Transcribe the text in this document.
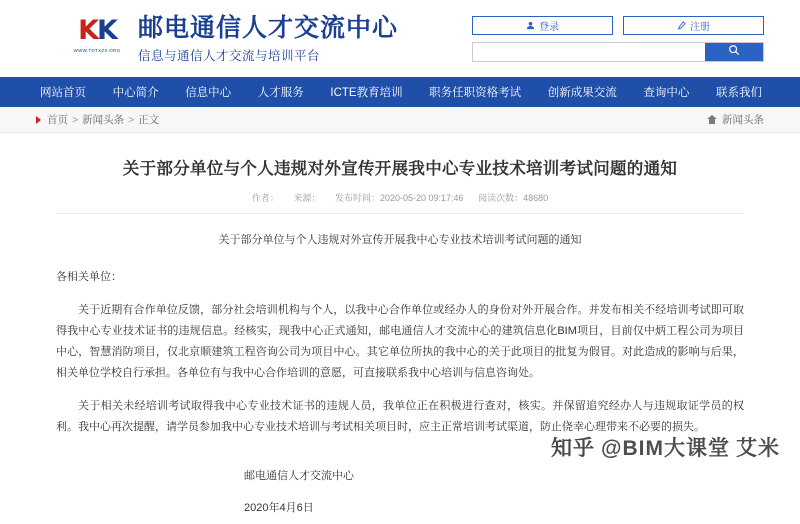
KK
WWW.TDTXZX.ORG
邮电通信人才交流中心
信息与通信人才交流与培训平台
登录	注册
网站首页	中心简介	信息中心	人才服务	ICTE教育培训	职务任职资格考试	创新成果交流	查询中心	联系我们
首页 > 新闻头条 > 正文	新闻头条
关于部分单位与个人违规对外宣传开展我中心专业技术培训考试问题的通知
作者： 来源： 发布时间：2020-05-20 09:17:46 阅读次数：48680
关于部分单位与个人违规对外宣传开展我中心专业技术培训考试问题的通知

各相关单位：

关于近期有合作单位反馈，部分社会培训机构与个人，以我中心合作单位或经办人的身份对外开展合作。并发布相关不经培训考试即可取得我中心专业技术证书的违规信息。经核实，现我中心正式通知，邮电通信人才交流中心的建筑信息化BIM项目，目前仅中炳工程公司为项目中心，智慧消防项目，仅北京顺建筑工程咨询公司为项目中心。其它单位所执的我中心的关于此项目的批复为假冒。对此造成的影响与后果，相关单位学校自行承担。各单位有与我中心合作培训的意愿，可直接联系我中心培训与信息咨询处。

关于相关未经培训考试取得我中心专业技术证书的违规人员，我单位正在积极进行查对，核实。并保留追究经办人与违规取证学员的权利。我中心再次提醒，请学员参加我中心专业技术培训与考试相关项目时，应主正常培训考试渠道，防止侥幸心理带来不必要的损失。

邮电通信人才交流中心
2020年4月6日
知乎 @BIM大课堂 艾米
